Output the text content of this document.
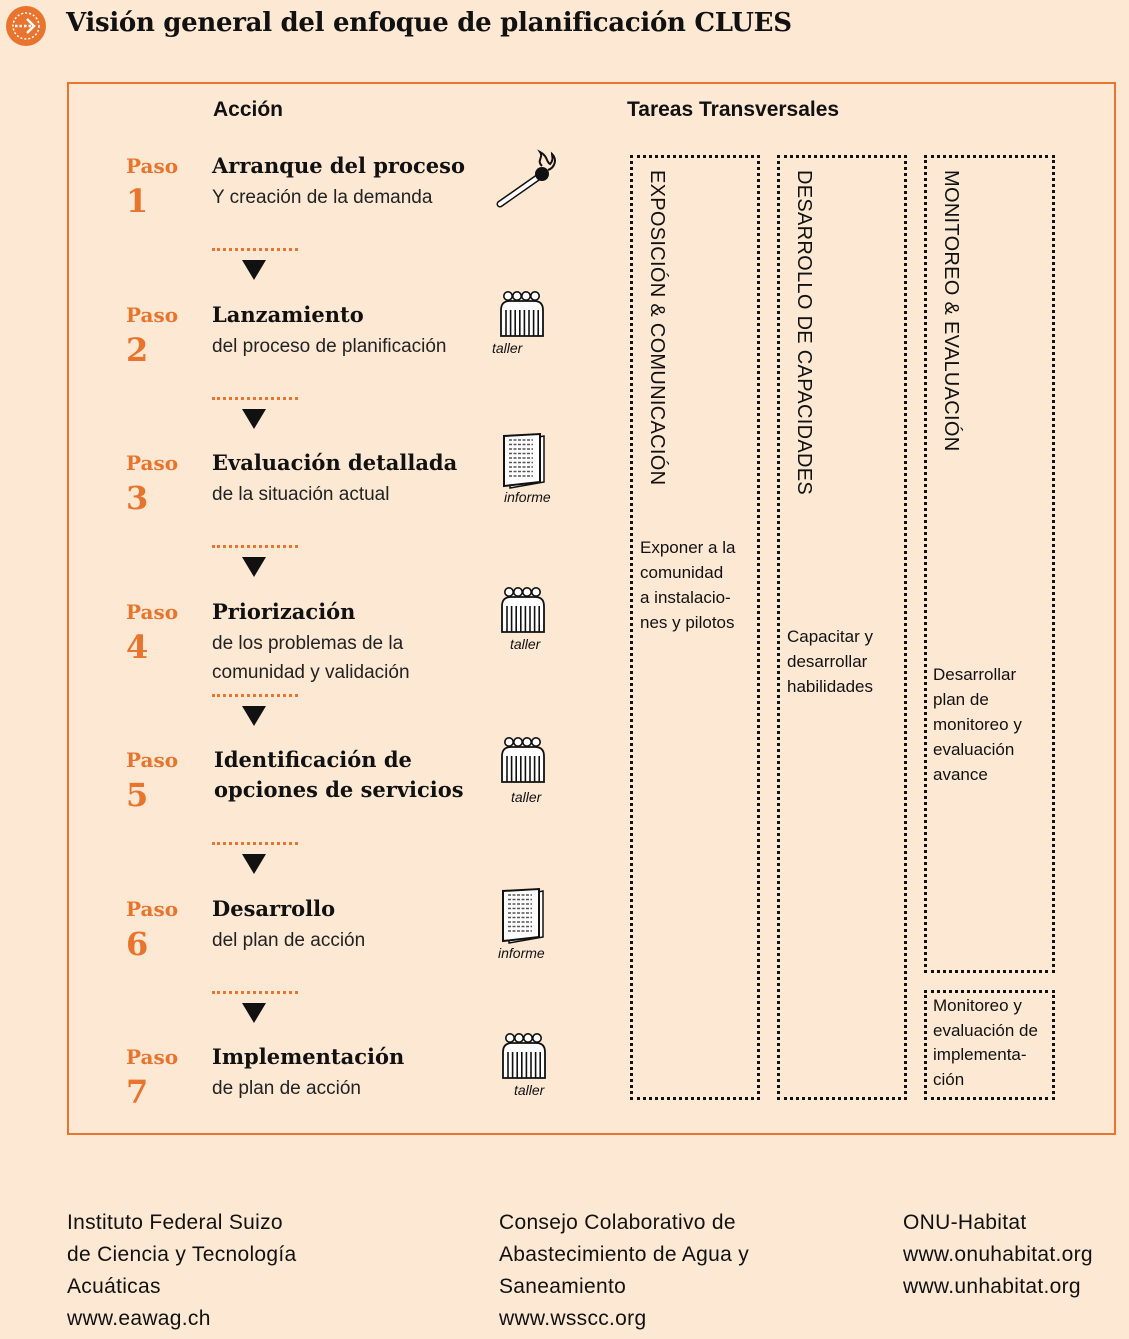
Visión general del enfoque de planificación CLUES
Acción	Tareas Transversales
Paso
1
Arranque del proceso
Y creación de la demanda
Paso
2
Lanzamiento
del proceso de planificación	taller
Paso
3
Evaluación detallada
de la situación actual	informe
Paso
4
Priorización
de los problemas de la
comunidad y validación
taller
Paso
5
Identificación de
opciones de servicios	taller
Paso
6
Desarrollo
del plan de acción
informe
Paso
7
Implementación
de plan de acción	taller
EXPOSICIÓN & COMUNICACIÓN
Exponer a la
comunidad
a instalacio-
nes y pilotos
DESARROLLO DE CAPACIDADES
Capacitar y
desarrollar
habilidades
MONITOREO & EVALUACIÓN
Desarrollar
plan de
monitoreo y
evaluación
avance
Monitoreo y
evaluación de
implementa-
ción
Instituto Federal Suizo
de Ciencia y Tecnología
Acuáticas
www.eawag.ch
Consejo Colaborativo de
Abastecimiento de Agua y
Saneamiento
www.wsscc.org
ONU-Habitat
www.onuhabitat.org
www.unhabitat.org
